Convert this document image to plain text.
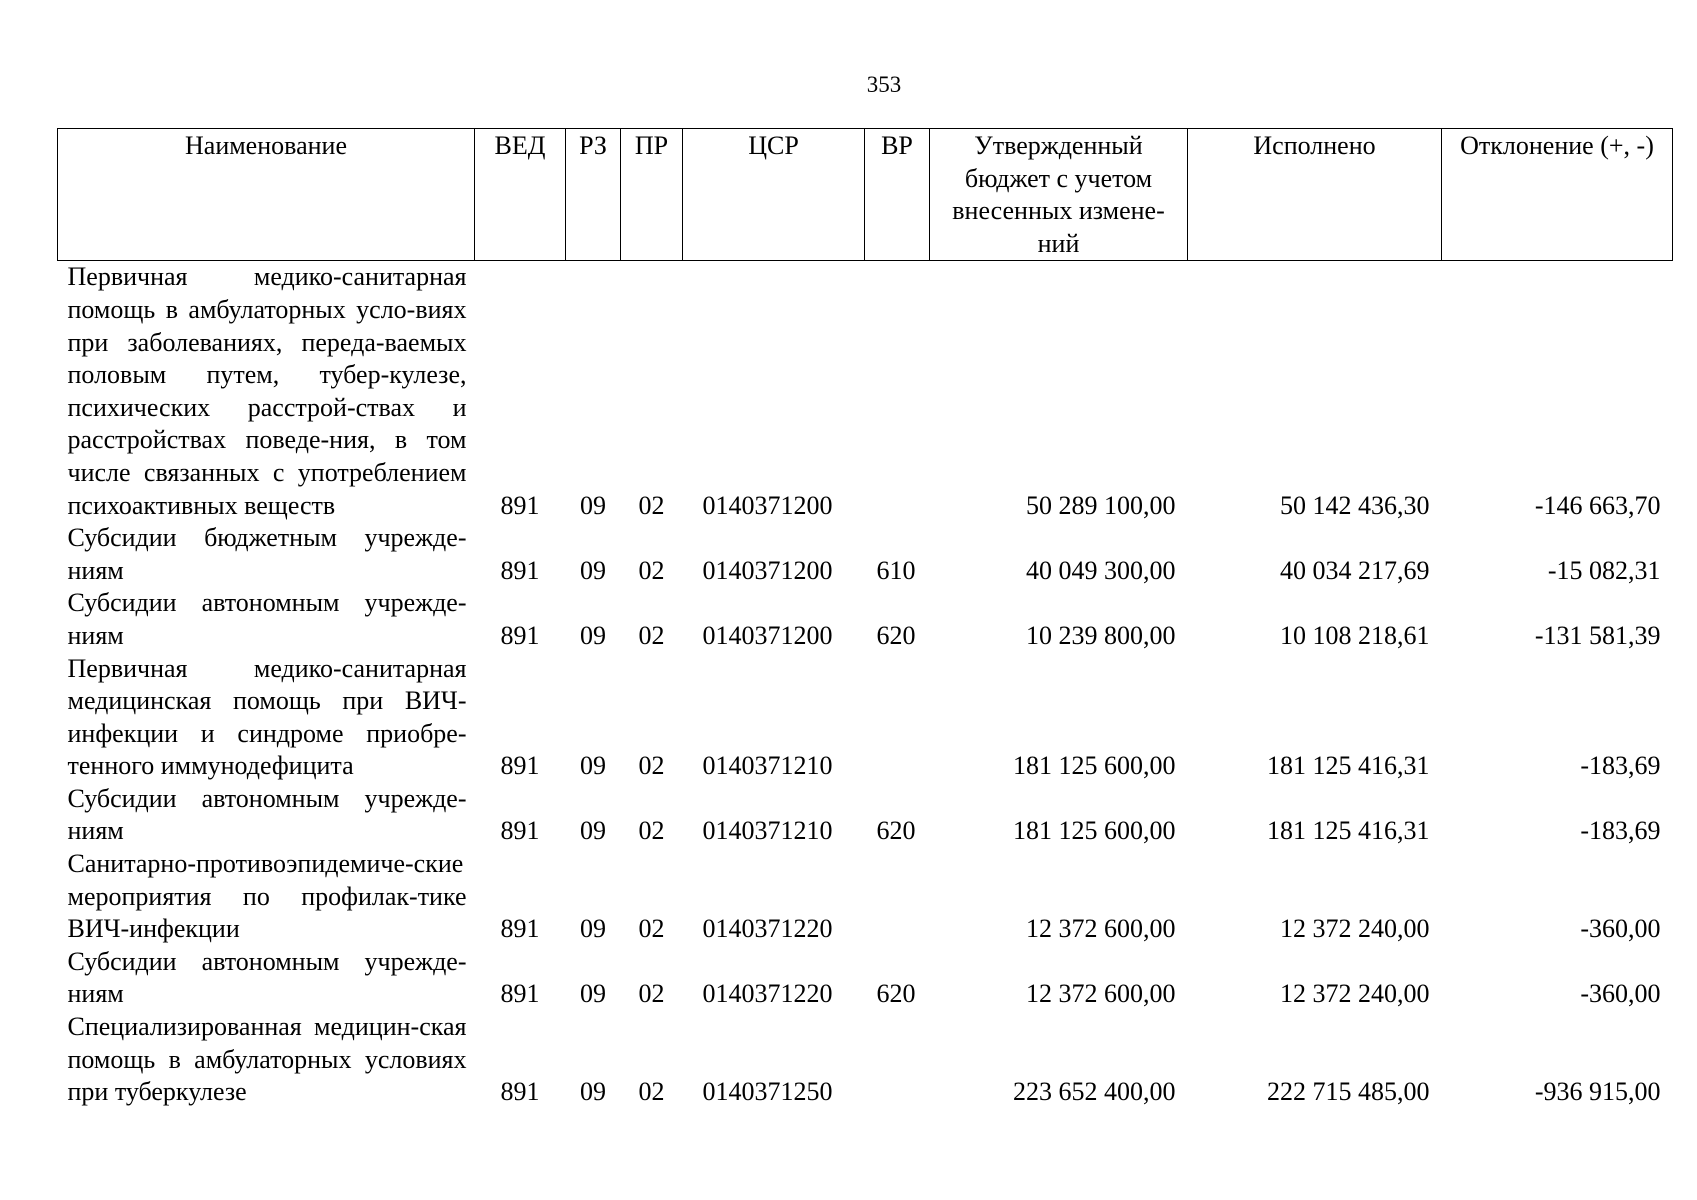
353
Наименование	ВЕД	РЗ	ПР	ЦСР	ВР	Утвержденный бюджет с учетом внесенных измене-ний	Исполнено	Отклонение (+, -)
Первичная медико-санитарная помощь в амбулаторных усло-виях при заболеваниях, переда-ваемых половым путем, тубер-кулезе, психических расстрой-ствах и расстройствах поведе-ния, в том числе связанных с употреблением психоактивных веществ	891	09	02	0140371200		50 289 100,00	50 142 436,30	-146 663,70
Субсидии бюджетным учрежде-ниям	891	09	02	0140371200	610	40 049 300,00	40 034 217,69	-15 082,31
Субсидии автономным учрежде-ниям	891	09	02	0140371200	620	10 239 800,00	10 108 218,61	-131 581,39
Первичная медико-санитарная медицинская помощь при ВИЧ-инфекции и синдроме приобре-тенного иммунодефицита	891	09	02	0140371210		181 125 600,00	181 125 416,31	-183,69
Субсидии автономным учрежде-ниям	891	09	02	0140371210	620	181 125 600,00	181 125 416,31	-183,69
Санитарно-противоэпидемиче-ские мероприятия по профилак-тике ВИЧ-инфекции	891	09	02	0140371220		12 372 600,00	12 372 240,00	-360,00
Субсидии автономным учрежде-ниям	891	09	02	0140371220	620	12 372 600,00	12 372 240,00	-360,00
Специализированная медицин-ская помощь в амбулаторных условиях при туберкулезе	891	09	02	0140371250		223 652 400,00	222 715 485,00	-936 915,00
